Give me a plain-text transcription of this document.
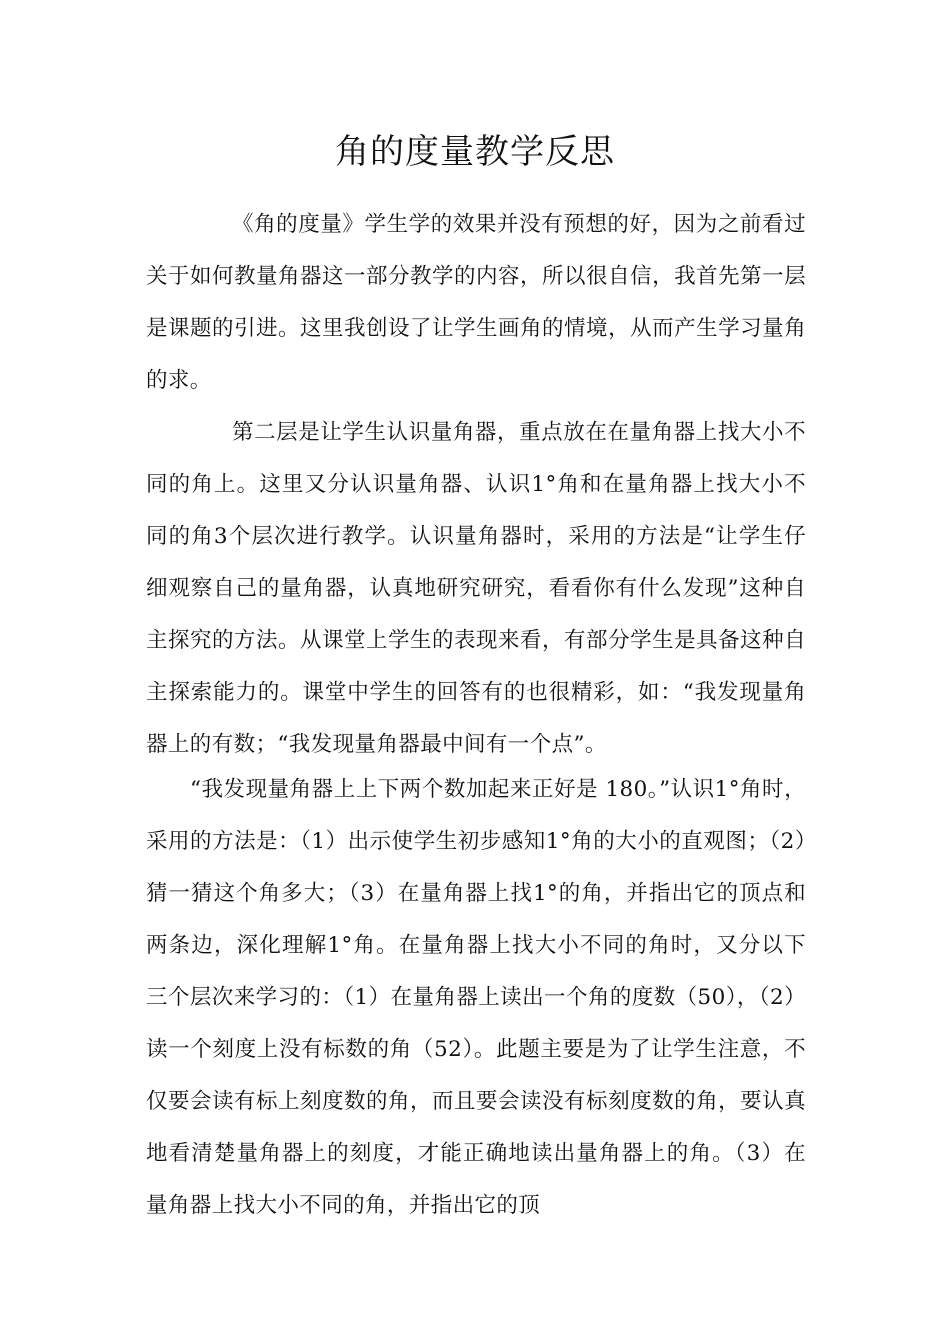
角的度量教学反思

《角的度量》学生学的效果并没有预想的好，因为之前看过关于如何教量角器这一部分教学的内容，所以很自信，我首先第一层是课题的引进。这里我创设了让学生画角的情境，从而产生学习量角的求。

第二层是让学生认识量角器，重点放在在量角器上找大小不同的角上。这里又分认识量角器、认识1°角和在量角器上找大小不同的角3个层次进行教学。认识量角器时，采用的方法是“让学生仔细观察自己的量角器，认真地研究研究，看看你有什么发现”这种自主探究的方法。从课堂上学生的表现来看，有部分学生是具备这种自主探索能力的。课堂中学生的回答有的也很精彩，如：“我发现量角器上的有数；“我发现量角器最中间有一个点”。

“我发现量角器上上下两个数加起来正好是 180。”认识1°角时，采用的方法是：（1）出示使学生初步感知1°角的大小的直观图；（2）猜一猜这个角多大；（3）在量角器上找1°的角，并指出它的顶点和两条边，深化理解1°角。在量角器上找大小不同的角时，又分以下三个层次来学习的：（1）在量角器上读出一个角的度数（50），（2）读一个刻度上没有标数的角（52）。此题主要是为了让学生注意，不仅要会读有标上刻度数的角，而且要会读没有标刻度数的角，要认真地看清楚量角器上的刻度，才能正确地读出量角器上的角。（3）在量角器上找大小不同的角，并指出它的顶
